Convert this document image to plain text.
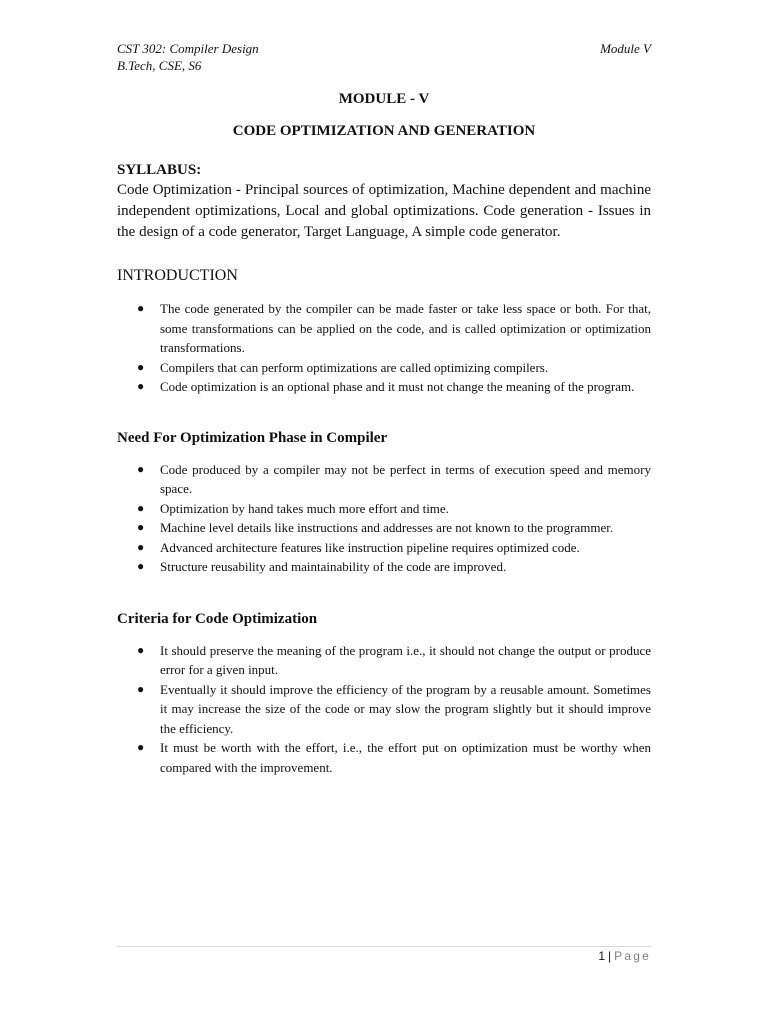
CST 302: Compiler Design
B.Tech, CSE, S6
Module V
MODULE - V
CODE OPTIMIZATION AND GENERATION
SYLLABUS:

Code Optimization - Principal sources of optimization, Machine dependent and machine independent optimizations, Local and global optimizations. Code generation - Issues in the design of a code generator, Target Language, A simple code generator.

INTRODUCTION
● The code generated by the compiler can be made faster or take less space or both. For that, some transformations can be applied on the code, and is called optimization or optimization transformations.
● Compilers that can perform optimizations are called optimizing compilers.
● Code optimization is an optional phase and it must not change the meaning of the program.
Need For Optimization Phase in Compiler
● Code produced by a compiler may not be perfect in terms of execution speed and memory space.
● Optimization by hand takes much more effort and time.
● Machine level details like instructions and addresses are not known to the programmer.
● Advanced architecture features like instruction pipeline requires optimized code.
● Structure reusability and maintainability of the code are improved.
Criteria for Code Optimization
● It should preserve the meaning of the program i.e., it should not change the output or produce error for a given input.
● Eventually it should improve the efficiency of the program by a reusable amount. Sometimes it may increase the size of the code or may slow the program slightly but it should improve the efficiency.
● It must be worth with the effort, i.e., the effort put on optimization must be worthy when compared with the improvement.
1 | Page
